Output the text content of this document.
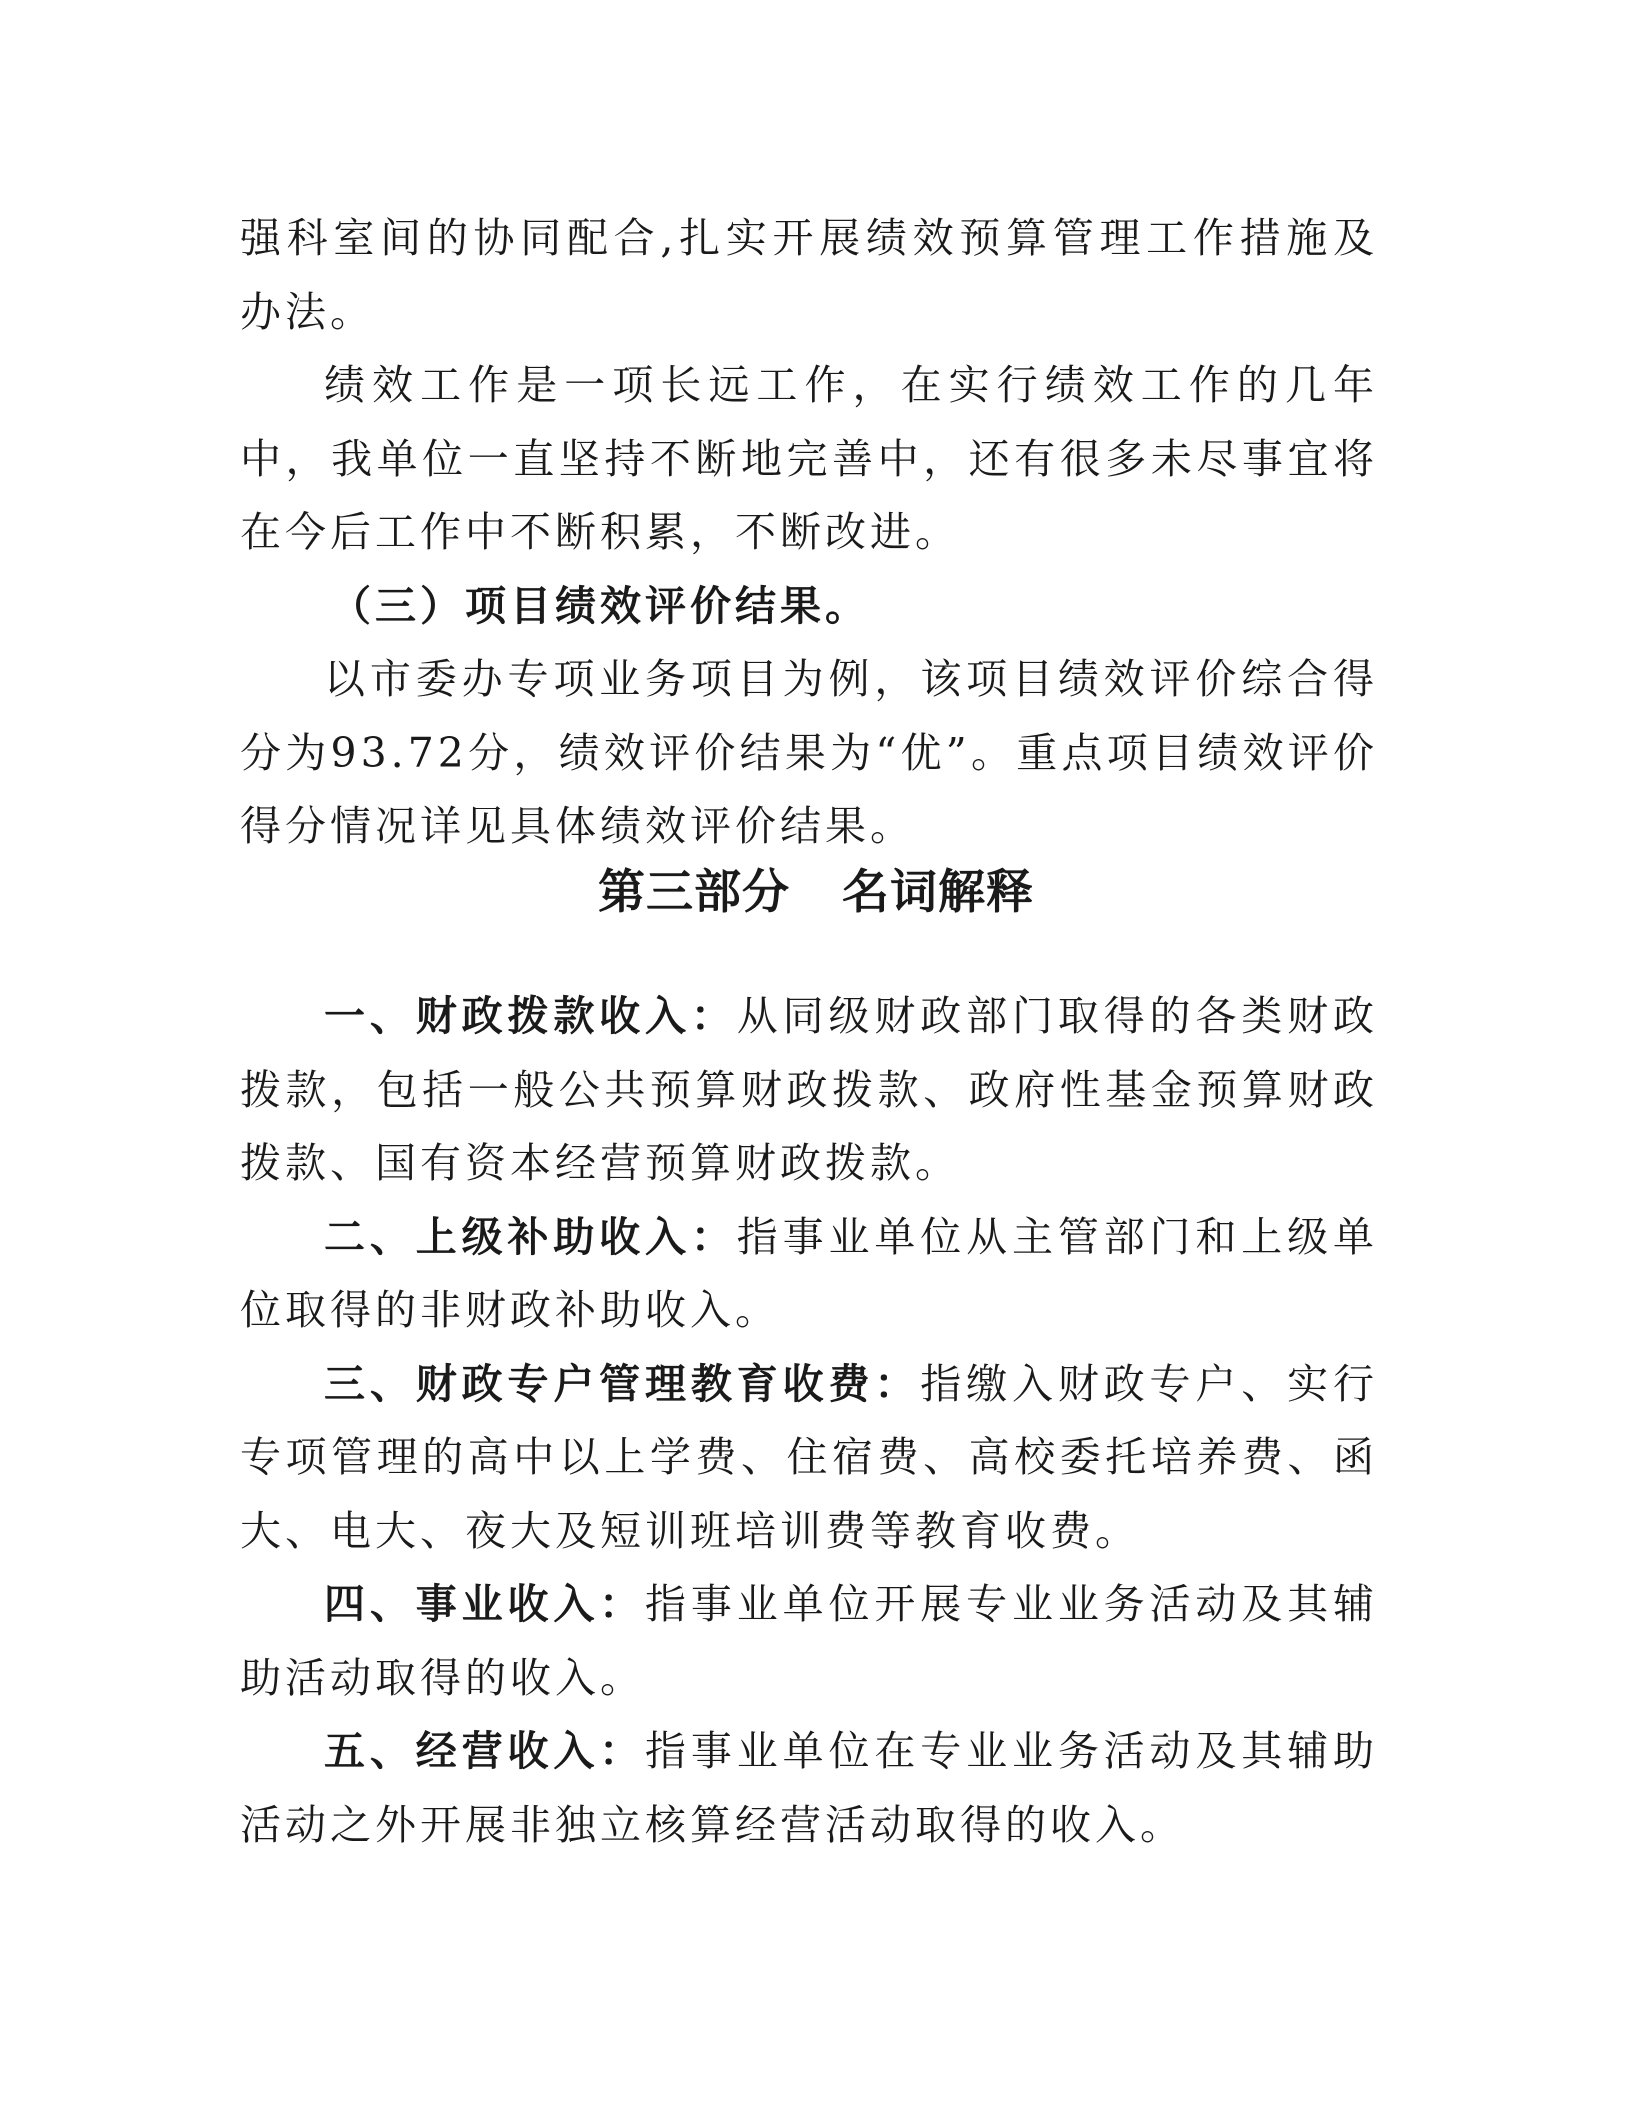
强科室间的协同配合,扎实开展绩效预算管理工作措施及办法。

绩效工作是一项长远工作，在实行绩效工作的几年中，我单位一直坚持不断地完善中，还有很多未尽事宜将在今后工作中不断积累，不断改进。

（三）项目绩效评价结果。

以市委办专项业务项目为例，该项目绩效评价综合得分为93.72分，绩效评价结果为“优”。重点项目绩效评价得分情况详见具体绩效评价结果。

第三部分 名词解释

一、财政拨款收入：从同级财政部门取得的各类财政拨款，包括一般公共预算财政拨款、政府性基金预算财政拨款、国有资本经营预算财政拨款。

二、上级补助收入：指事业单位从主管部门和上级单位取得的非财政补助收入。

三、财政专户管理教育收费：指缴入财政专户、实行专项管理的高中以上学费、住宿费、高校委托培养费、函大、电大、夜大及短训班培训费等教育收费。

四、事业收入：指事业单位开展专业业务活动及其辅助活动取得的收入。

五、经营收入：指事业单位在专业业务活动及其辅助活动之外开展非独立核算经营活动取得的收入。
